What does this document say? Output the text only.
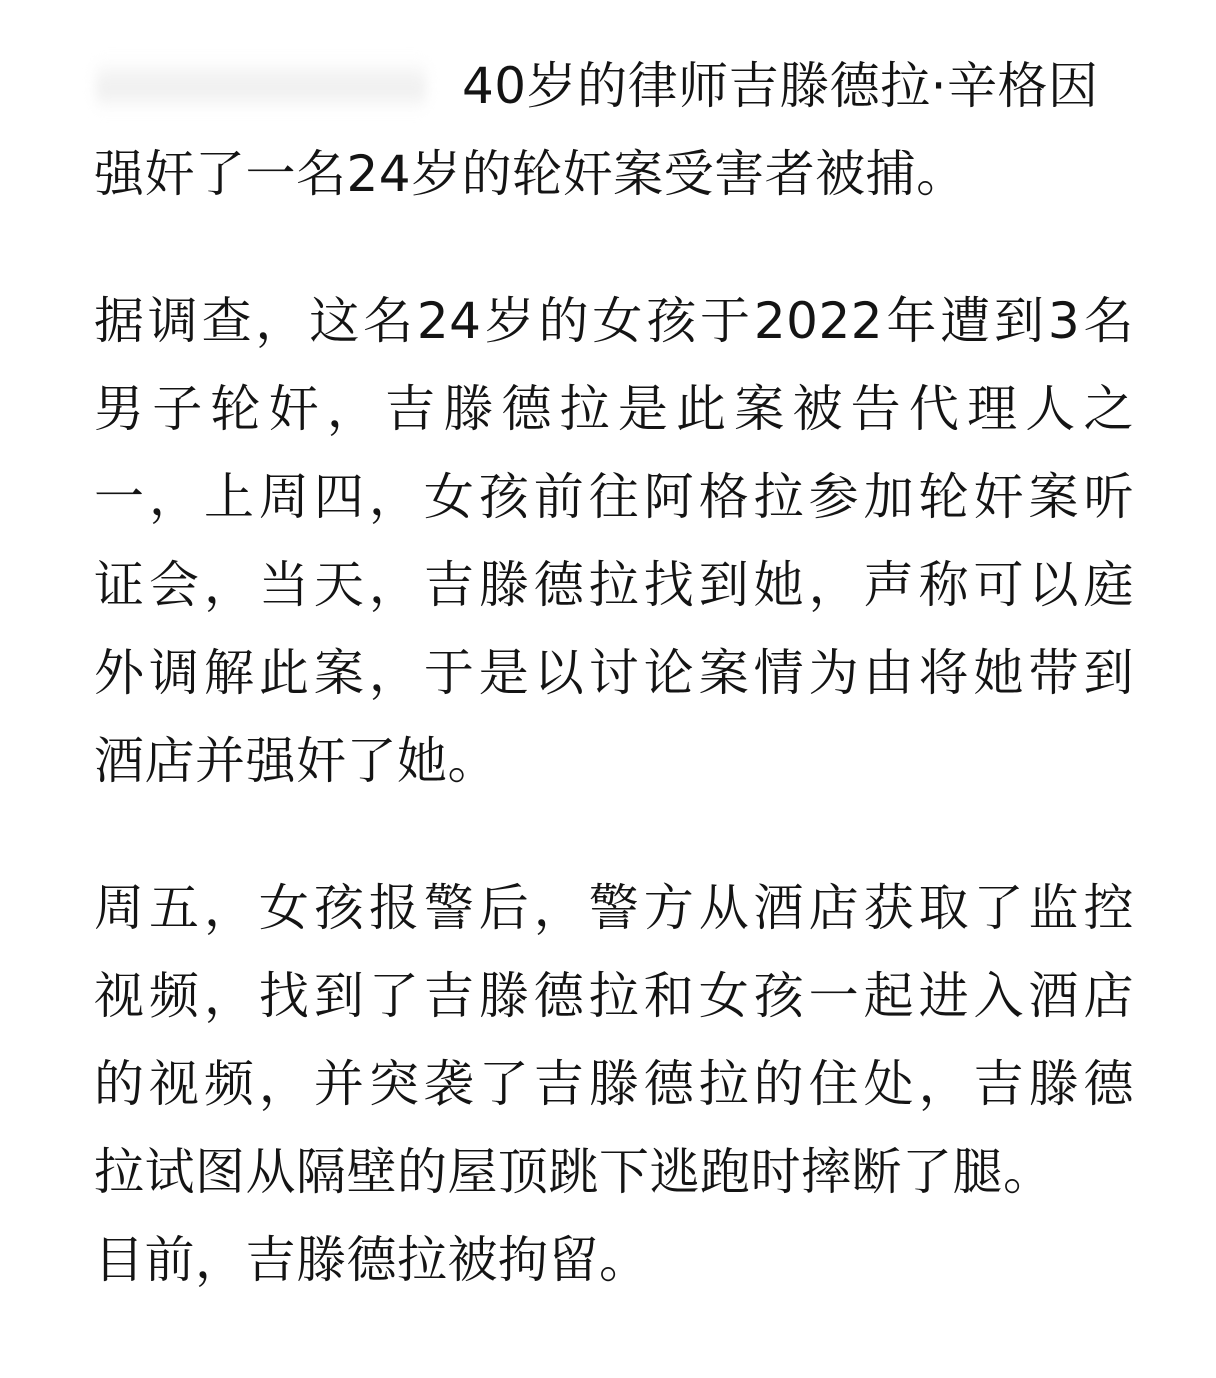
40岁的律师吉滕德拉·辛格因
强奸了一名24岁的轮奸案受害者被捕。
据调查，这名24岁的女孩于2022年遭到3名
男子轮奸，吉滕德拉是此案被告代理人之
一，上周四，女孩前往阿格拉参加轮奸案听
证会，当天，吉滕德拉找到她，声称可以庭
外调解此案，于是以讨论案情为由将她带到
酒店并强奸了她。
周五，女孩报警后，警方从酒店获取了监控
视频，找到了吉滕德拉和女孩一起进入酒店
的视频，并突袭了吉滕德拉的住处，吉滕德
拉试图从隔壁的屋顶跳下逃跑时摔断了腿。
目前，吉滕德拉被拘留。
